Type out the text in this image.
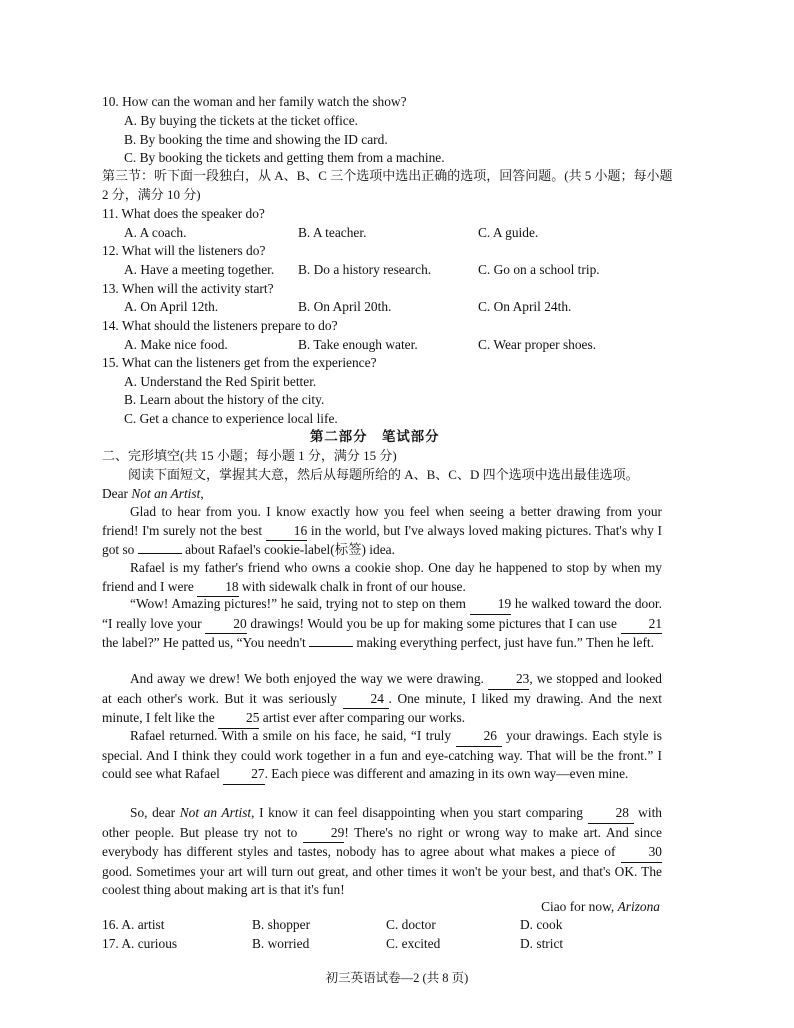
10. How can the woman and her family watch the show?
A. By buying the tickets at the ticket office.
B. By booking the time and showing the ID card.
C. By booking the tickets and getting them from a machine.
第三节：听下面一段独白，从 A、B、C 三个选项中选出正确的选项，回答问题。(共 5 小题；每小题
2 分，满分 10 分)
11. What does the speaker do?
A. A coach.	B. A teacher.	C. A guide.
12. What will the listeners do?
A. Have a meeting together. B. Do a history research.	C. Go on a school trip.
13. When will the activity start?
A. On April 12th.	B. On April 20th.	C. On April 24th.
14. What should the listeners prepare to do?
A. Make nice food.	B. Take enough water.	C. Wear proper shoes.
15. What can the listeners get from the experience?
A. Understand the Red Spirit better.
B. Learn about the history of the city.
C. Get a chance to experience local life.
第二部分　笔试部分
二、完形填空(共 15 小题；每小题 1 分，满分 15 分)
阅读下面短文，掌握其大意，然后从每题所给的 A、B、C、D 四个选项中选出最佳选项。
Dear Not an Artist,
Glad to hear from you. I know exactly how you feel when seeing a better drawing from your friend! I'm surely not the best 16 in the world, but I've always loved making pictures. That's why I got so	about Rafael's cookie-label(标签) idea.
Rafael is my father's friend who owns a cookie shop. One day he happened to stop by when my friend and I were 18 with sidewalk chalk in front of our house.
“Wow! Amazing pictures!” he said, trying not to step on them 19 he walked toward the door. “I really love your 20 drawings! Would you be up for making some pictures that I can use 21 the label?” He patted us, “You needn't	making everything perfect, just have fun.” Then he left.
And away we drew! We both enjoyed the way we were drawing. 23, we stopped and looked at each other's work. But it was seriously 24 . One minute, I liked my drawing. And the next minute, I felt like the 25 artist ever after comparing our works.
Rafael returned. With a smile on his face, he said, “I truly 26 your drawings. Each style is special. And I think they could work together in a fun and eye-catching way. That will be the front.” I could see what Rafael 27. Each piece was different and amazing in its own way—even mine.
So, dear Not an Artist, I know it can feel disappointing when you start comparing 28 with other people. But please try not to 29! There's no right or wrong way to make art. And since everybody has different styles and tastes, nobody has to agree about what makes a piece of 30 good. Sometimes your art will turn out great, and other times it won't be your best, and that's OK. The coolest thing about making art is that it's fun!
Ciao for now, Arizona
16. A. artist	B. shopper	C. doctor	D. cook
17. A. curious	B. worried	C. excited	D. strict
初三英语试卷—2 (共 8 页)
